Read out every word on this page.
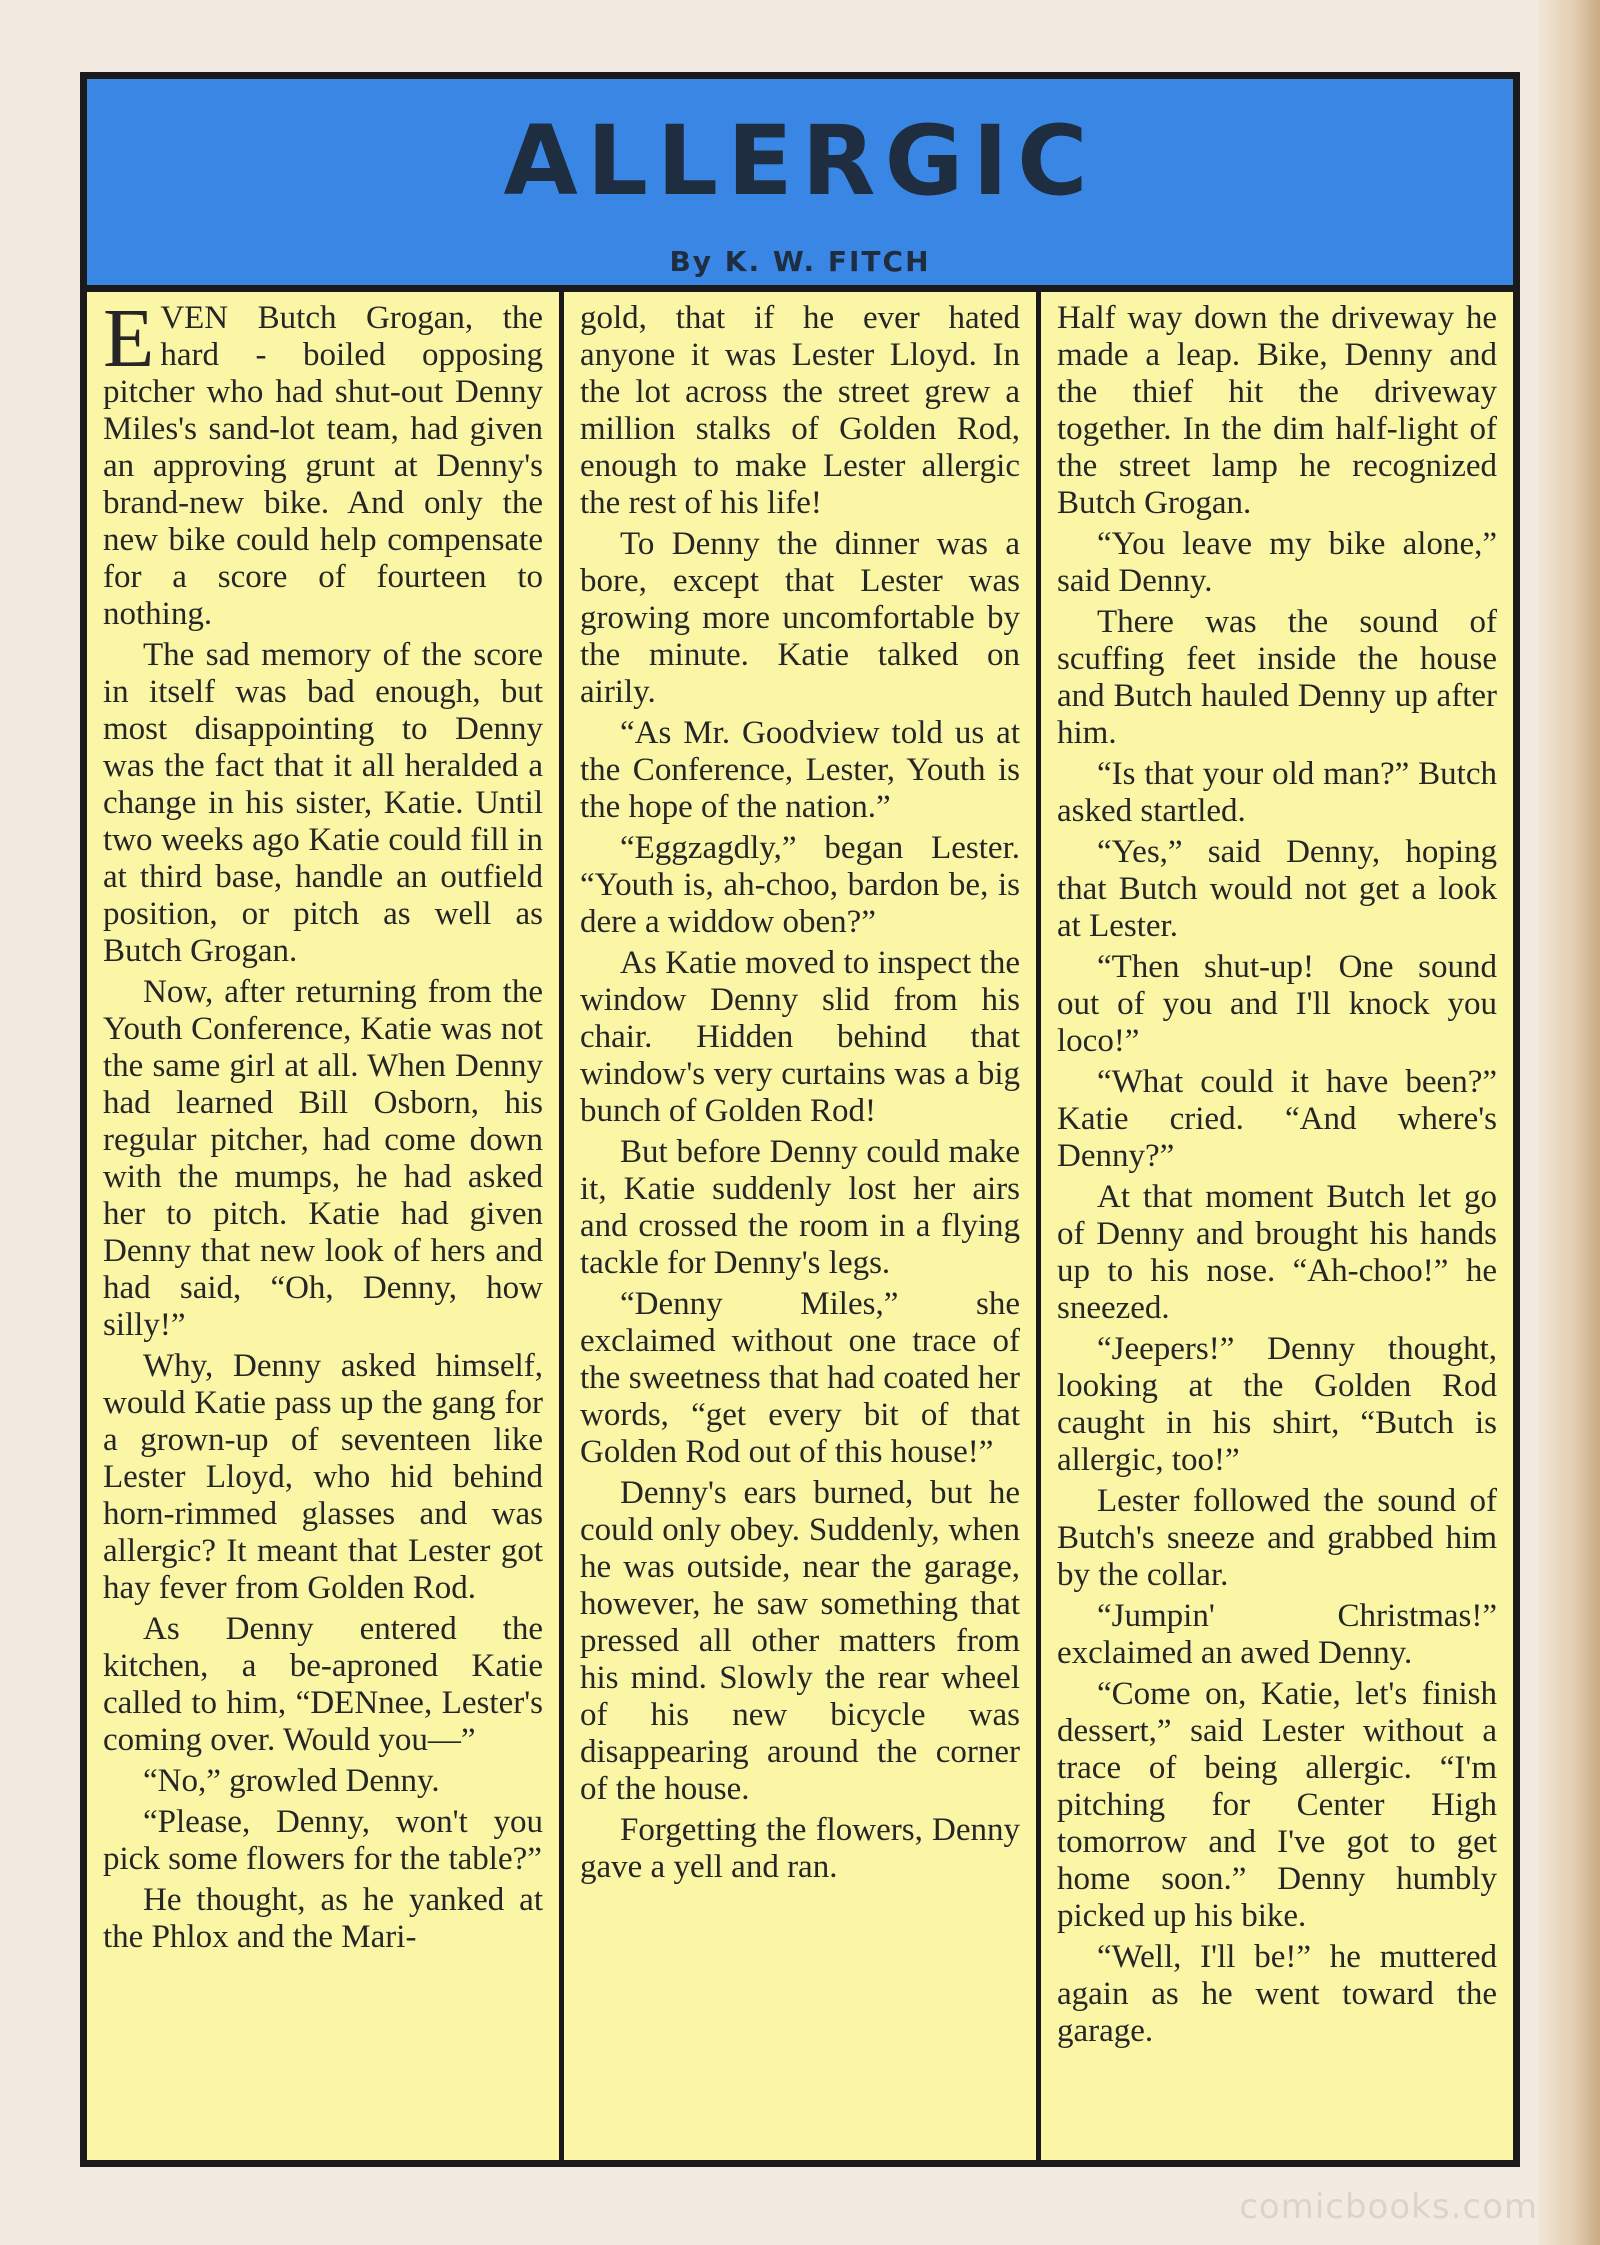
ALLERGIC
By K. W. FITCH

EVEN Butch Grogan, the hard - boiled opposing pitcher who had shut-out Denny Miles's sand-lot team, had given an approving grunt at Denny's brand-new bike. And only the new bike could help compensate for a score of fourteen to nothing.

The sad memory of the score in itself was bad enough, but most disappointing to Denny was the fact that it all heralded a change in his sister, Katie. Until two weeks ago Katie could fill in at third base, handle an outfield position, or pitch as well as Butch Grogan.

Now, after returning from the Youth Conference, Katie was not the same girl at all. When Denny had learned Bill Osborn, his regular pitcher, had come down with the mumps, he had asked her to pitch. Katie had given Denny that new look of hers and had said, “Oh, Denny, how silly!”

Why, Denny asked himself, would Katie pass up the gang for a grown-up of seventeen like Lester Lloyd, who hid behind horn-rimmed glasses and was allergic? It meant that Lester got hay fever from Golden Rod.

As Denny entered the kitchen, a be-aproned Katie called to him, “DENnee, Lester's coming over. Would you—”

“No,” growled Denny.

“Please, Denny, won't you pick some flowers for the table?”

He thought, as he yanked at the Phlox and the Mari-

gold, that if he ever hated anyone it was Lester Lloyd. In the lot across the street grew a million stalks of Golden Rod, enough to make Lester allergic the rest of his life!

To Denny the dinner was a bore, except that Lester was growing more uncomfortable by the minute. Katie talked on airily.

“As Mr. Goodview told us at the Conference, Lester, Youth is the hope of the nation.”

“Eggzagdly,” began Lester. “Youth is, ah-choo, bardon be, is dere a widdow oben?”

As Katie moved to inspect the window Denny slid from his chair. Hidden behind that window's very curtains was a big bunch of Golden Rod!

But before Denny could make it, Katie suddenly lost her airs and crossed the room in a flying tackle for Denny's legs.

“Denny Miles,” she exclaimed without one trace of the sweetness that had coated her words, “get every bit of that Golden Rod out of this house!”

Denny's ears burned, but he could only obey. Suddenly, when he was outside, near the garage, however, he saw something that pressed all other matters from his mind. Slowly the rear wheel of his new bicycle was disappearing around the corner of the house.

Forgetting the flowers, Denny gave a yell and ran.

Half way down the driveway he made a leap. Bike, Denny and the thief hit the driveway together. In the dim half-light of the street lamp he recognized Butch Grogan.

“You leave my bike alone,” said Denny.

There was the sound of scuffing feet inside the house and Butch hauled Denny up after him.

“Is that your old man?” Butch asked startled.

“Yes,” said Denny, hoping that Butch would not get a look at Lester.

“Then shut-up! One sound out of you and I'll knock you loco!”

“What could it have been?” Katie cried. “And where's Denny?”

At that moment Butch let go of Denny and brought his hands up to his nose. “Ah-choo!” he sneezed.

“Jeepers!” Denny thought, looking at the Golden Rod caught in his shirt, “Butch is allergic, too!”

Lester followed the sound of Butch's sneeze and grabbed him by the collar.

“Jumpin' Christmas!” exclaimed an awed Denny.

“Come on, Katie, let's finish dessert,” said Lester without a trace of being allergic. “I'm pitching for Center High tomorrow and I've got to get home soon.” Denny humbly picked up his bike.

“Well, I'll be!” he muttered again as he went toward the garage.

comicbooks.com
